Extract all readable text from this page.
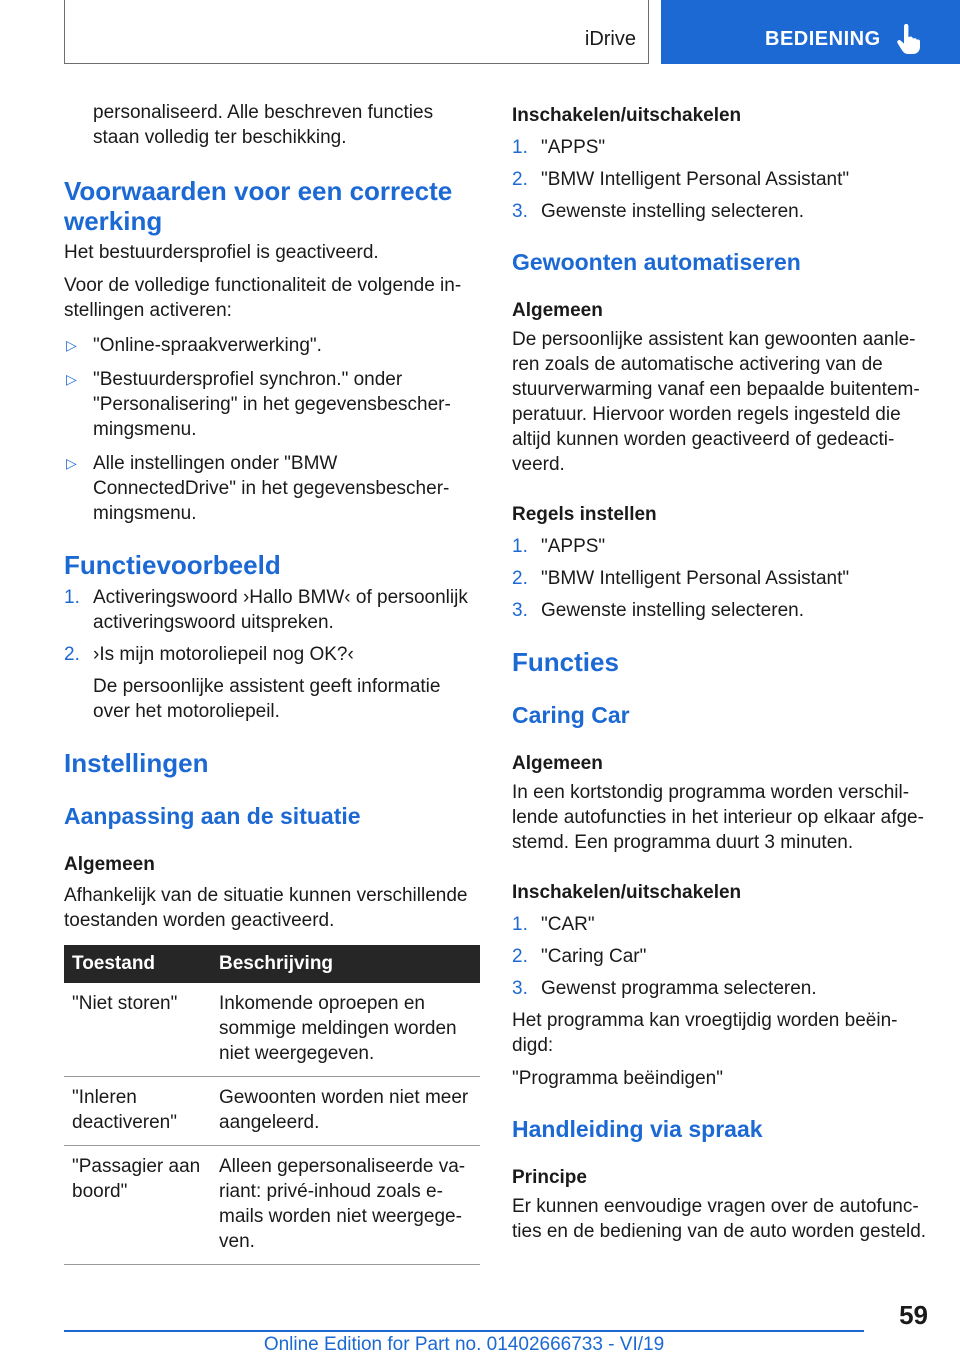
iDrive	BEDIENING

personaliseerd. Alle beschreven functies staan volledig ter beschikking.

Voorwaarden voor een correcte werking

Het bestuurdersprofiel is geactiveerd.

Voor de volledige functionaliteit de volgende in-stellingen activeren:

▷ "Online-spraakverwerking".
▷ "Bestuurdersprofiel synchron." onder "Personalisering" in het gegevensbescher-mingsmenu.
▷ Alle instellingen onder "BMW ConnectedDrive" in het gegevensbescher-mingsmenu.
Functievoorbeeld
1. Activeringswoord ›Hallo BMW‹ of persoonlijk activeringswoord uitspreken.
2. ›Is mijn motoroliepeil nog OK?‹

De persoonlijke assistent geeft informatie over het motoroliepeil.

Instellingen
Aanpassing aan de situatie
Algemeen

Afhankelijk van de situatie kunnen verschillende toestanden worden geactiveerd.

Toestand	Beschrijving
"Niet storen"	Inkomende oproepen en sommige meldingen worden niet weergegeven.
"Inleren deactiveren"	Gewoonten worden niet meer aangeleerd.
"Passagier aan boord"	Alleen gepersonaliseerde va-riant: privé-inhoud zoals e-mails worden niet weergege-ven.
Inschakelen/uitschakelen
1. "APPS"
2. "BMW Intelligent Personal Assistant"
3. Gewenste instelling selecteren.
Gewoonten automatiseren
Algemeen

De persoonlijke assistent kan gewoonten aanle-ren zoals de automatische activering van de stuurverwarming vanaf een bepaalde buitentem-peratuur. Hiervoor worden regels ingesteld die altijd kunnen worden geactiveerd of gedeacti-veerd.

Regels instellen
1. "APPS"
2. "BMW Intelligent Personal Assistant"
3. Gewenste instelling selecteren.
Functies
Caring Car
Algemeen

In een kortstondig programma worden verschil-lende autofuncties in het interieur op elkaar afge-stemd. Een programma duurt 3 minuten.

Inschakelen/uitschakelen
1. "CAR"
2. "Caring Car"
3. Gewenst programma selecteren.

Het programma kan vroegtijdig worden beëin-digd:

"Programma beëindigen"

Handleiding via spraak
Principe

Er kunnen eenvoudige vragen over de autofunc-ties en de bediening van de auto worden gesteld.

59
Online Edition for Part no. 01402666733 - VI/19
